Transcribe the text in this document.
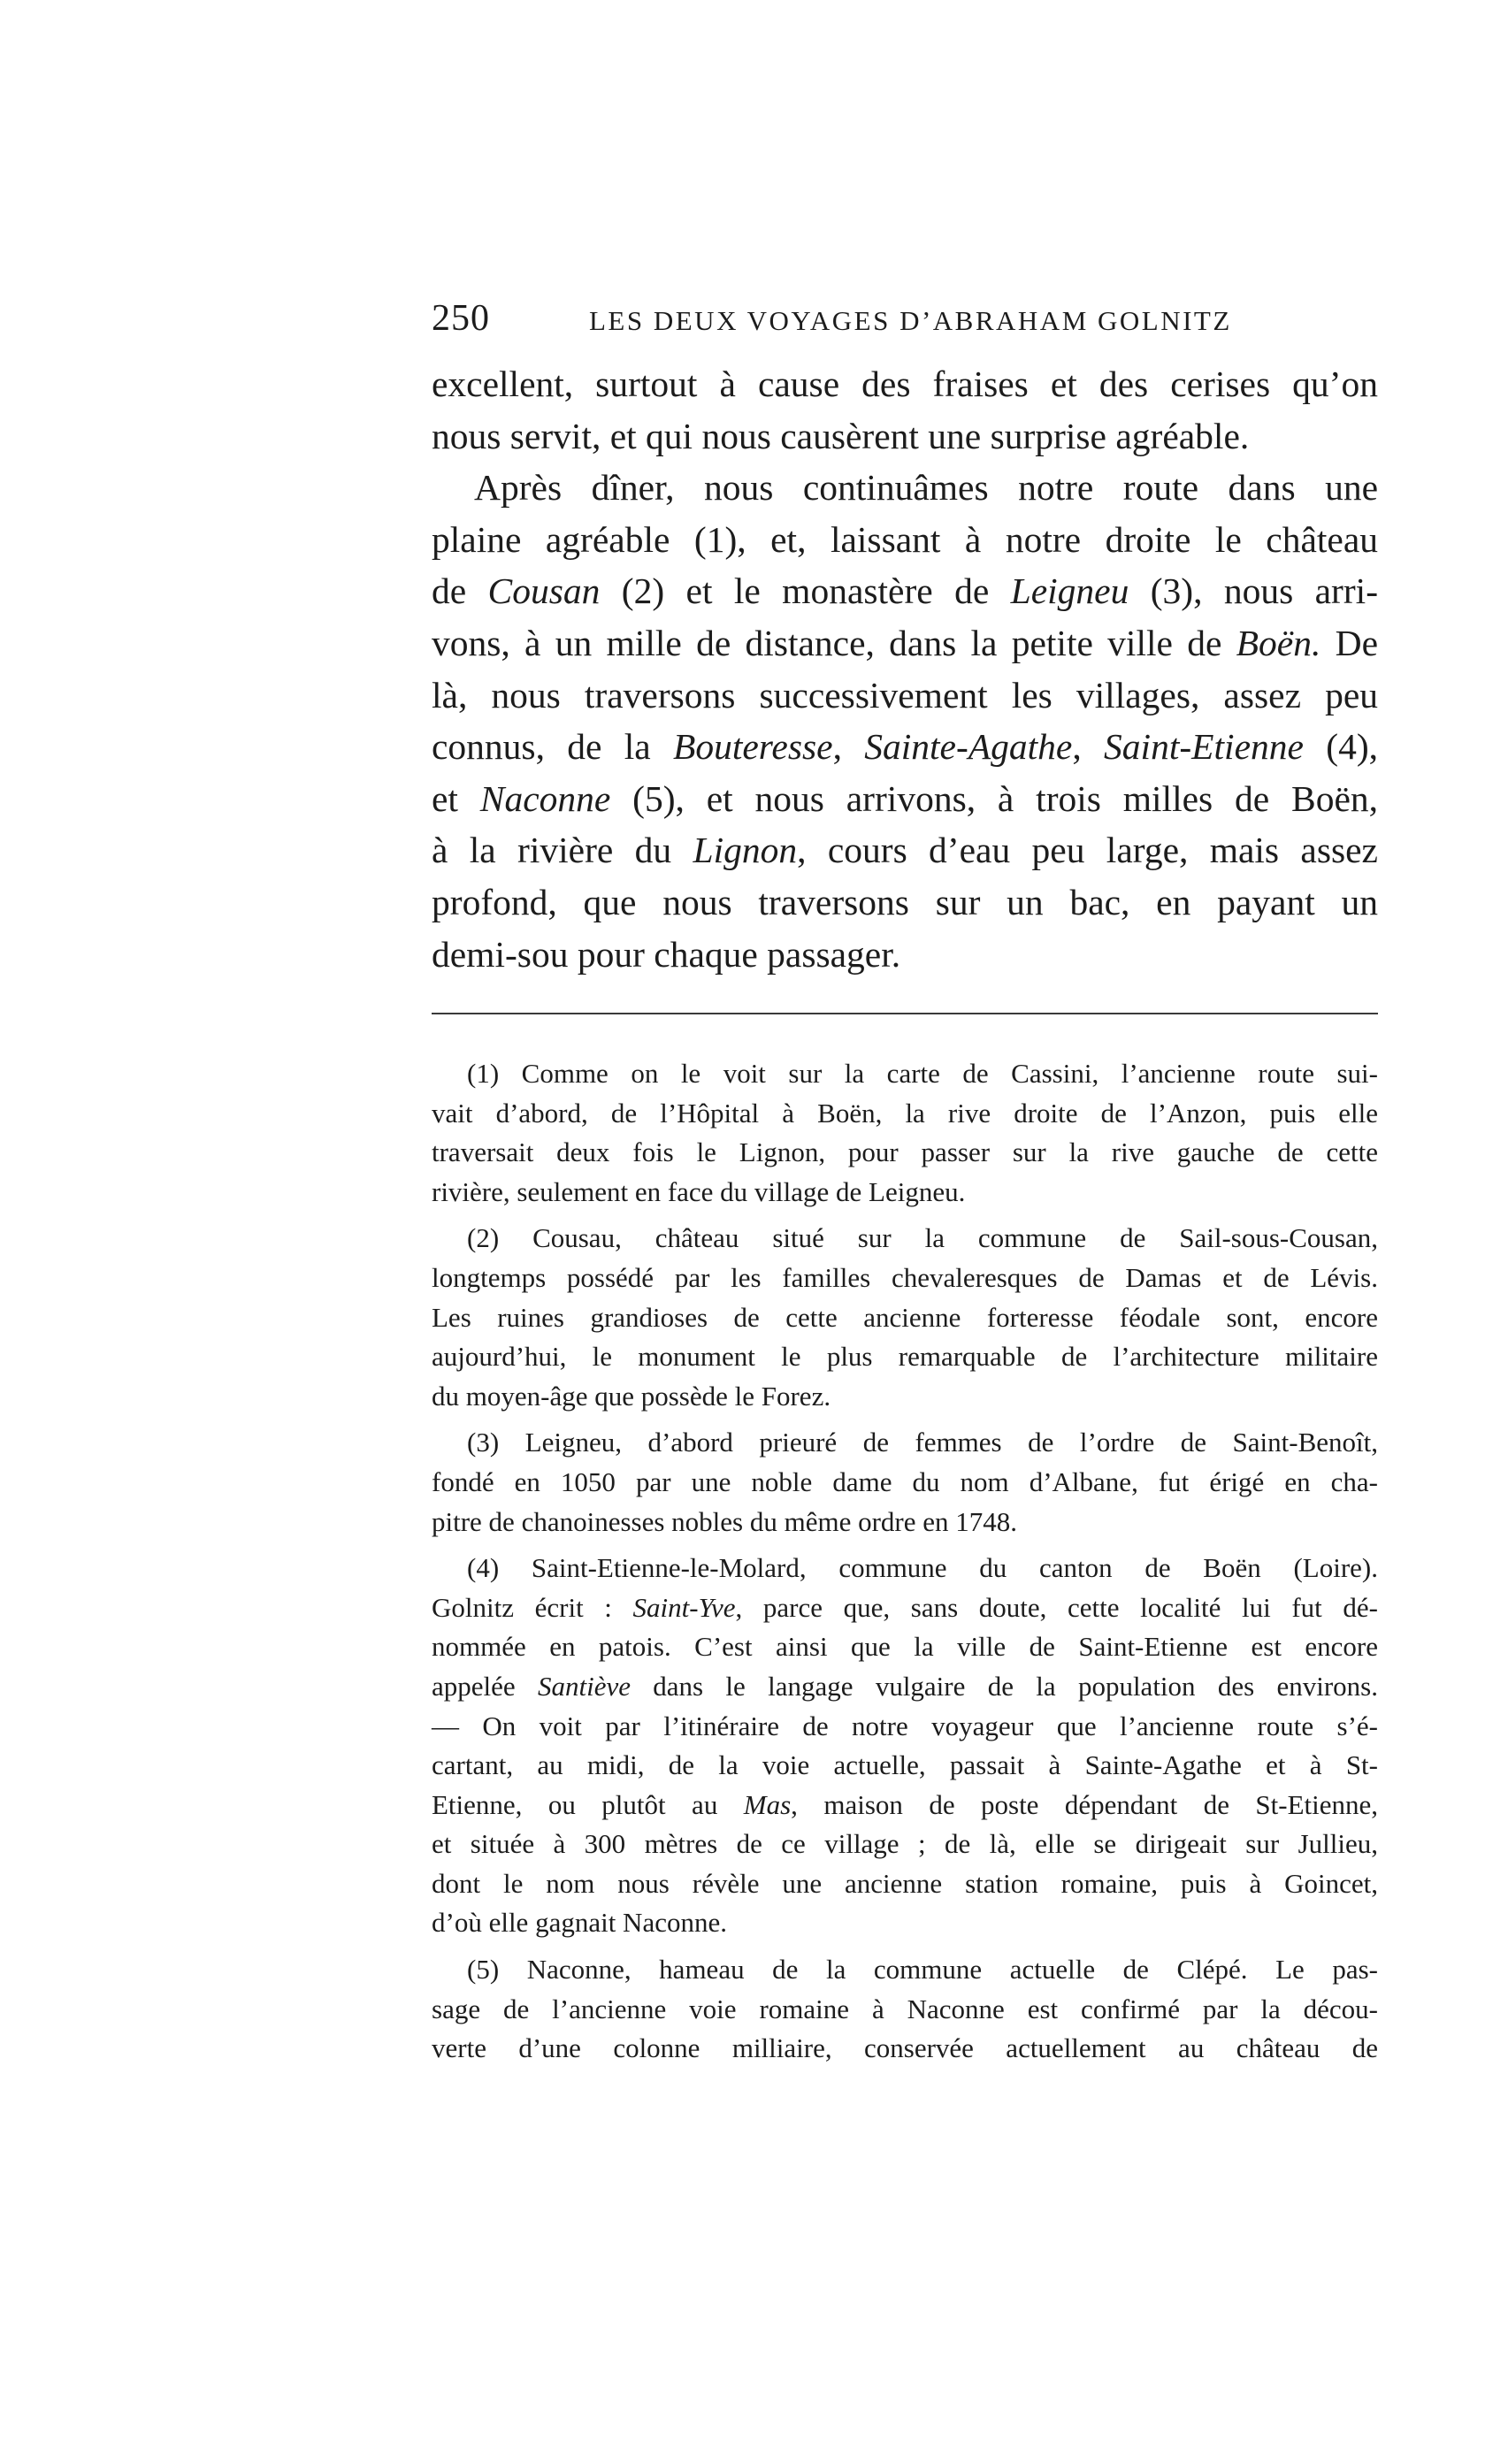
250	LES DEUX VOYAGES D’ABRAHAM GOLNITZ
excellent, surtout à cause des fraises et des cerises qu’on
nous servit, et qui nous causèrent une surprise agréable.
Après dîner, nous continuâmes notre route dans une
plaine agréable (1), et, laissant à notre droite le château
de Cousan (2) et le monastère de Leigneu (3), nous arri-
vons, à un mille de distance, dans la petite ville de Boën. De
là, nous traversons successivement les villages, assez peu
connus, de la Bouteresse, Sainte-Agathe, Saint-Etienne (4),
et Naconne (5), et nous arrivons, à trois milles de Boën,
à la rivière du Lignon, cours d’eau peu large, mais assez
profond, que nous traversons sur un bac, en payant un
demi-sou pour chaque passager.
(1) Comme on le voit sur la carte de Cassini, l’ancienne route sui-
vait d’abord, de l’Hôpital à Boën, la rive droite de l’Anzon, puis elle
traversait deux fois le Lignon, pour passer sur la rive gauche de cette
rivière, seulement en face du village de Leigneu.
(2) Cousau, château situé sur la commune de Sail-sous-Cousan,
longtemps possédé par les familles chevaleresques de Damas et de Lévis.
Les ruines grandioses de cette ancienne forteresse féodale sont, encore
aujourd’hui, le monument le plus remarquable de l’architecture militaire
du moyen-âge que possède le Forez.
(3) Leigneu, d’abord prieuré de femmes de l’ordre de Saint-Benoît,
fondé en 1050 par une noble dame du nom d’Albane, fut érigé en cha-
pitre de chanoinesses nobles du même ordre en 1748.
(4) Saint-Etienne-le-Molard, commune du canton de Boën (Loire).
Golnitz écrit : Saint-Yve, parce que, sans doute, cette localité lui fut dé-
nommée en patois. C’est ainsi que la ville de Saint-Etienne est encore
appelée Santiève dans le langage vulgaire de la population des environs.
— On voit par l’itinéraire de notre voyageur que l’ancienne route s’é-
cartant, au midi, de la voie actuelle, passait à Sainte-Agathe et à St-
Etienne, ou plutôt au Mas, maison de poste dépendant de St-Etienne,
et située à 300 mètres de ce village ; de là, elle se dirigeait sur Jullieu,
dont le nom nous révèle une ancienne station romaine, puis à Goincet,
d’où elle gagnait Naconne.
(5) Naconne, hameau de la commune actuelle de Clépé. Le pas-
sage de l’ancienne voie romaine à Naconne est confirmé par la décou-
verte d’une colonne milliaire, conservée actuellement au château de
